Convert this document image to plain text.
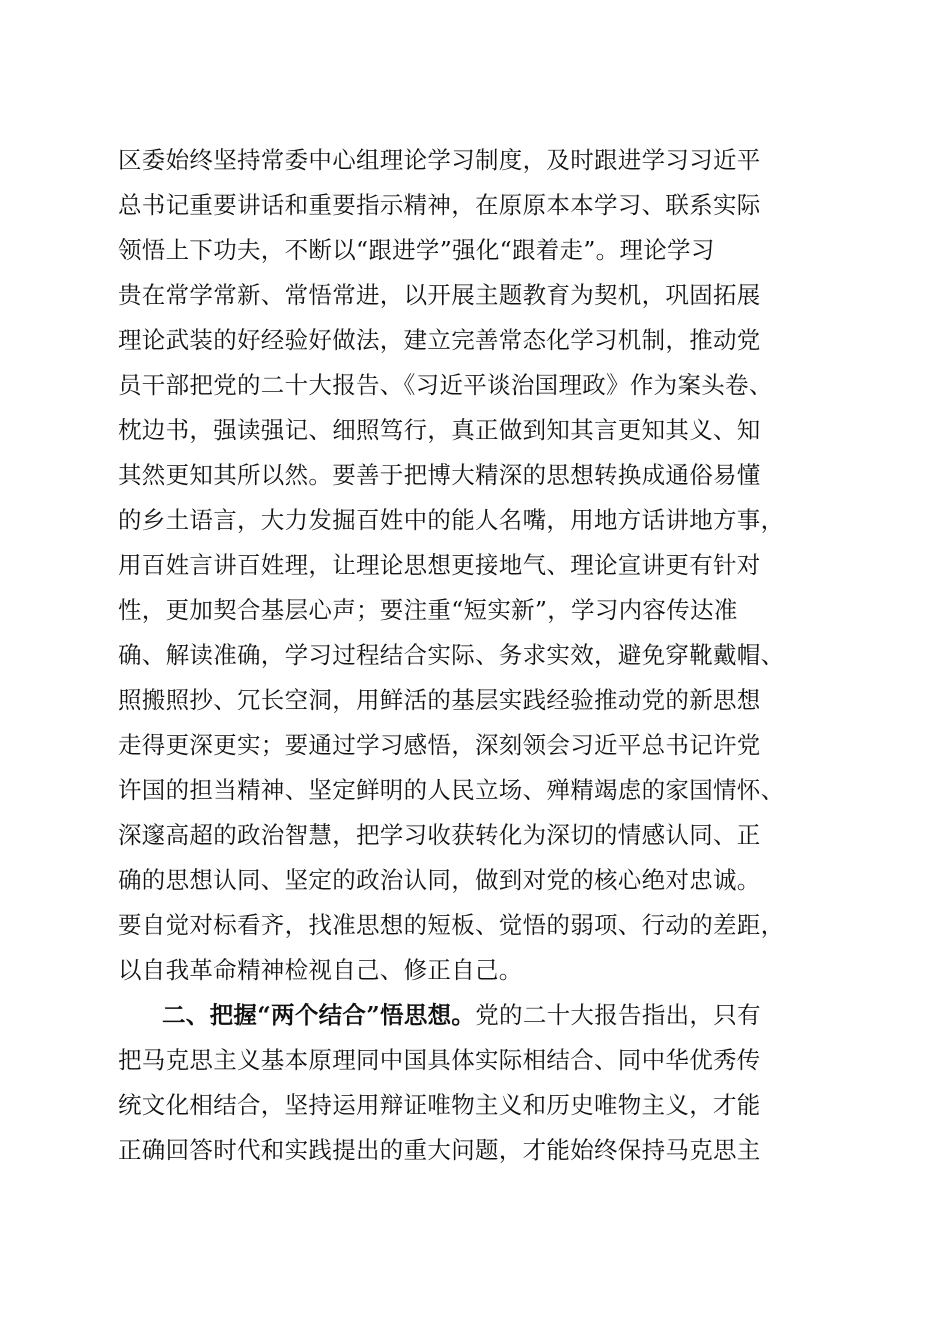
区委始终坚持常委中心组理论学习制度，及时跟进学习习近平
总书记重要讲话和重要指示精神，在原原本本学习、联系实际
领悟上下功夫，不断以“跟进学”强化“跟着走”。理论学习
贵在常学常新、常悟常进，以开展主题教育为契机，巩固拓展
理论武装的好经验好做法，建立完善常态化学习机制，推动党
员干部把党的二十大报告、《习近平谈治国理政》作为案头卷、
枕边书，强读强记、细照笃行，真正做到知其言更知其义、知
其然更知其所以然。要善于把博大精深的思想转换成通俗易懂
的乡土语言，大力发掘百姓中的能人名嘴，用地方话讲地方事，
用百姓言讲百姓理，让理论思想更接地气、理论宣讲更有针对
性，更加契合基层心声；要注重“短实新”，学习内容传达准
确、解读准确，学习过程结合实际、务求实效，避免穿靴戴帽、
照搬照抄、冗长空洞，用鲜活的基层实践经验推动党的新思想
走得更深更实；要通过学习感悟，深刻领会习近平总书记许党
许国的担当精神、坚定鲜明的人民立场、殚精竭虑的家国情怀、
深邃高超的政治智慧，把学习收获转化为深切的情感认同、正
确的思想认同、坚定的政治认同，做到对党的核心绝对忠诚。
要自觉对标看齐，找准思想的短板、觉悟的弱项、行动的差距，
以自我革命精神检视自己、修正自己。
二、把握“两个结合”悟思想。党的二十大报告指出，只有
把马克思主义基本原理同中国具体实际相结合、同中华优秀传
统文化相结合，坚持运用辩证唯物主义和历史唯物主义，才能
正确回答时代和实践提出的重大问题，才能始终保持马克思主
